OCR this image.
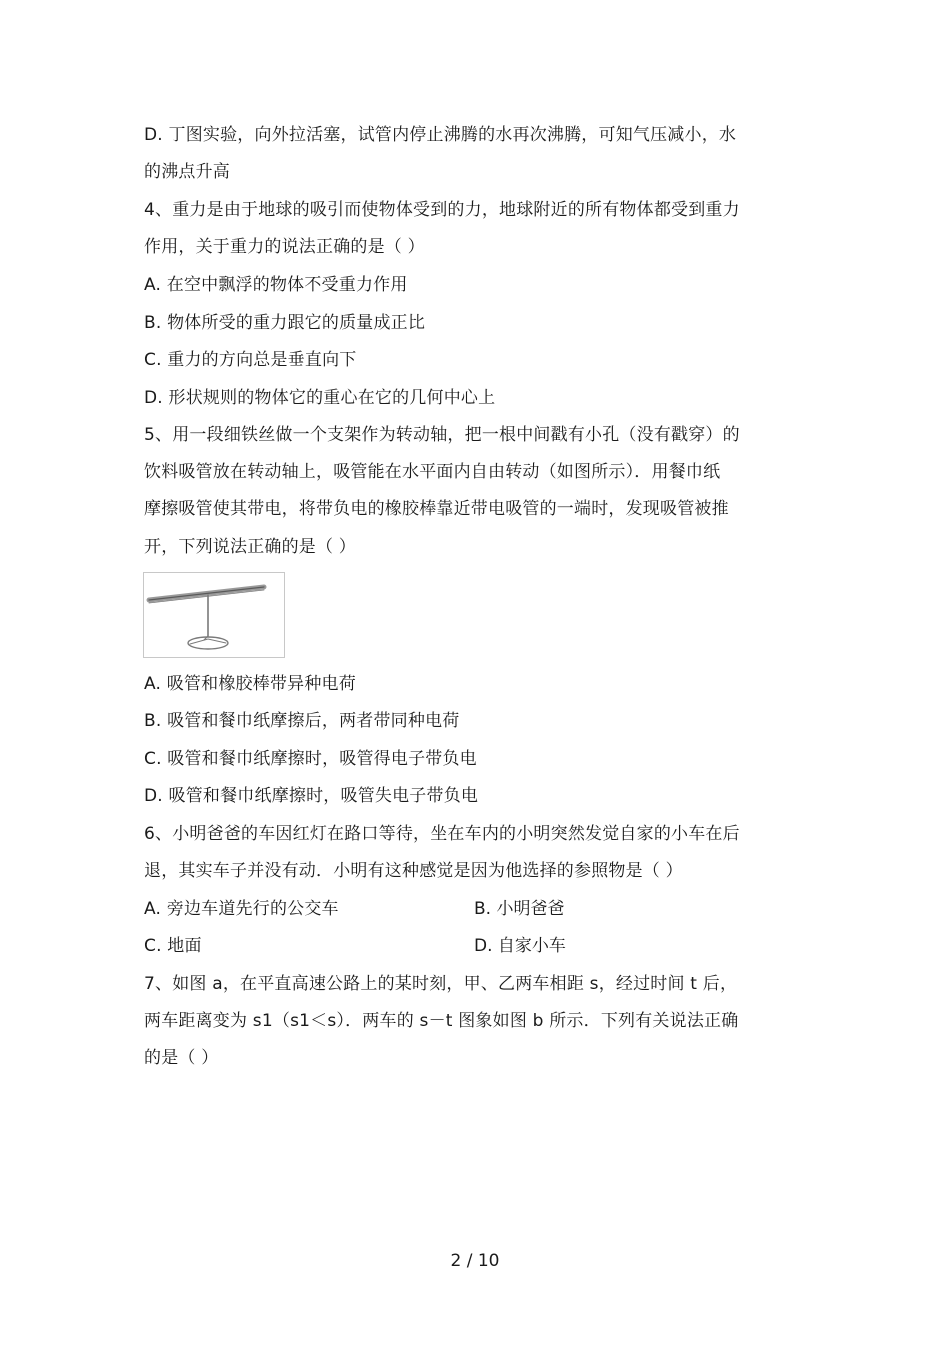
D. 丁图实验，向外拉活塞，试管内停止沸腾的水再次沸腾，可知气压减小，水
的沸点升高
4、重力是由于地球的吸引而使物体受到的力，地球附近的所有物体都受到重力
作用，关于重力的说法正确的是（ ）
A. 在空中飘浮的物体不受重力作用
B. 物体所受的重力跟它的质量成正比
C. 重力的方向总是垂直向下
D. 形状规则的物体它的重心在它的几何中心上
5、用一段细铁丝做一个支架作为转动轴，把一根中间戳有小孔（没有戳穿）的
饮料吸管放在转动轴上，吸管能在水平面内自由转动（如图所示）．用餐巾纸
摩擦吸管使其带电，将带负电的橡胶棒靠近带电吸管的一端时，发现吸管被推
开，下列说法正确的是（ ）
A. 吸管和橡胶棒带异种电荷
B. 吸管和餐巾纸摩擦后，两者带同种电荷
C. 吸管和餐巾纸摩擦时，吸管得电子带负电
D. 吸管和餐巾纸摩擦时，吸管失电子带负电
6、小明爸爸的车因红灯在路口等待，坐在车内的小明突然发觉自家的小车在后
退，其实车子并没有动．小明有这种感觉是因为他选择的参照物是（ ）
A. 旁边车道先行的公交车	B. 小明爸爸
C. 地面	D. 自家小车
7、如图 a，在平直高速公路上的某时刻，甲、乙两车相距 s，经过时间 t 后，
两车距离变为 s1（s1＜s）．两车的 s－t 图象如图 b 所示．下列有关说法正确
的是（ ）
2 / 10
